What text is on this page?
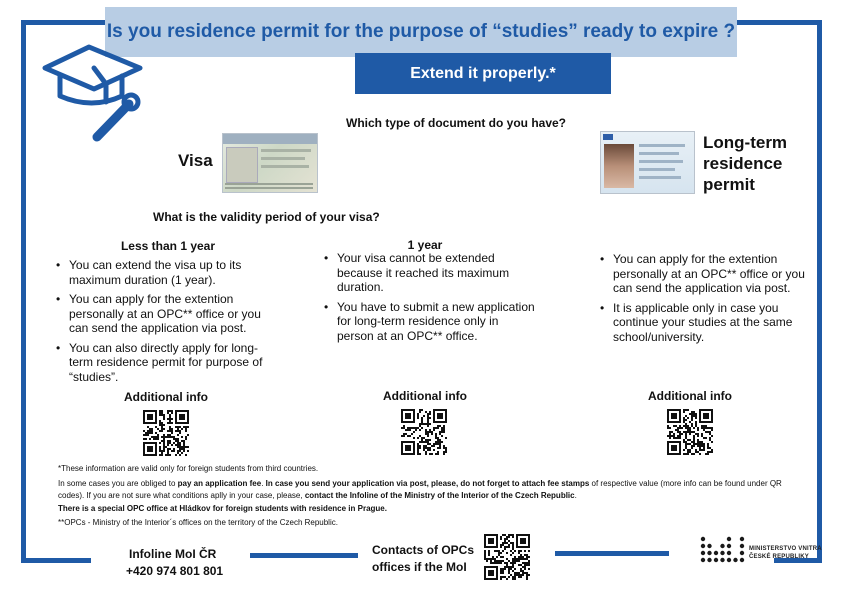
Is you residence permit for the purpose of “studies” ready to expire ?
Extend it properly.*
Which type of document do you have?
Visa
Long-term
residence
permit
What is the validity period of your visa?
Less than 1 year
• You can extend the visa up to its maximum duration (1 year).
• You can apply for the extention personally at an OPC** office or you can send the application via post.
• You can also directly apply for long-term residence permit for purpose of “studies”.
1 year
• Your visa cannot be extended because it reached its maximum duration.
• You have to submit a new application for long-term residence only in person at an OPC** office.
• You can apply for the extention personally at an OPC** office or you can send the application via post.
• It is applicable only in case you continue your studies at the same school/university.
Additional info	Additional info	Additional info
*These information are valid only for foreign students from third countries.
In some cases you are obliged to pay an application fee. In case you send your application via post, please, do not forget to attach fee stamps of respective value (more info can be found under QR codes). If you are not sure what conditions aplly in your case, please, contact the Infoline of the Ministry of the Interior of the Czech Republic.
There is a special OPC office at Hládkov for foreign students with residence in Prague.
**OPCs - Ministry of the Interior´s offices on the territory of the Czech Republic.
Infoline MoI ČR
+420 974 801 801
Contacts of OPCs
offices if the MoI
MINISTERSTVO VNITRA
ČESKÉ REPUBLIKY
